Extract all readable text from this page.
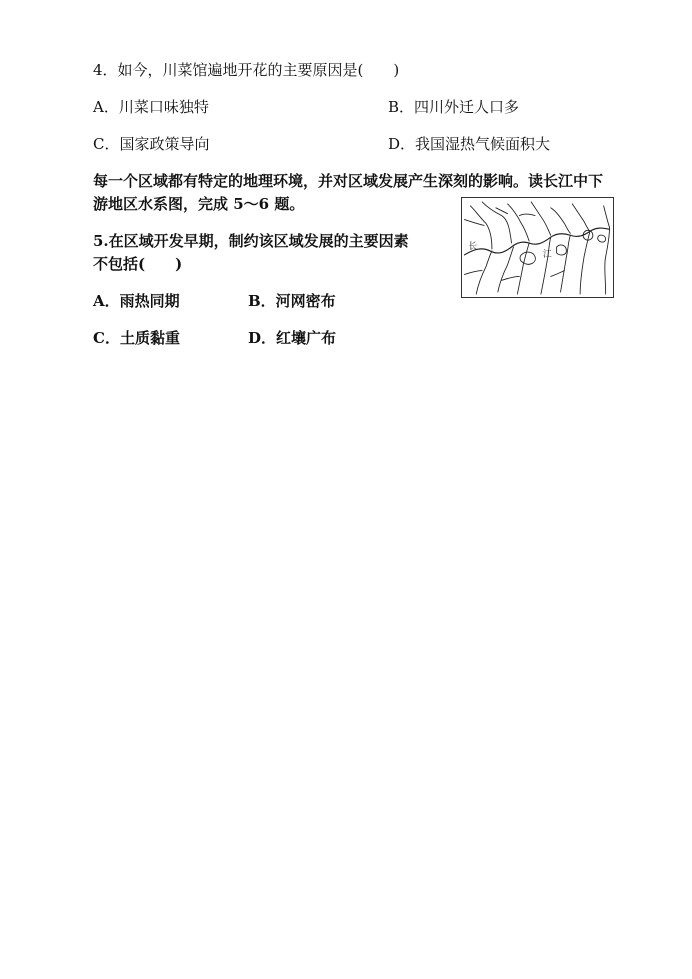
4．如今，川菜馆遍地开花的主要原因是(　　)
A．川菜口味独特	B．四川外迁人口多
C．国家政策导向	D．我国湿热气候面积大
每一个区域都有特定的地理环境，并对区域发展产生深刻的影响。读长江中下
游地区水系图，完成 5～6 题。
5.在区域开发早期，制约该区域发展的主要因素
不包括(　　)
A．雨热同期	B．河网密布
C．土质黏重	D．红壤广布
长
江
